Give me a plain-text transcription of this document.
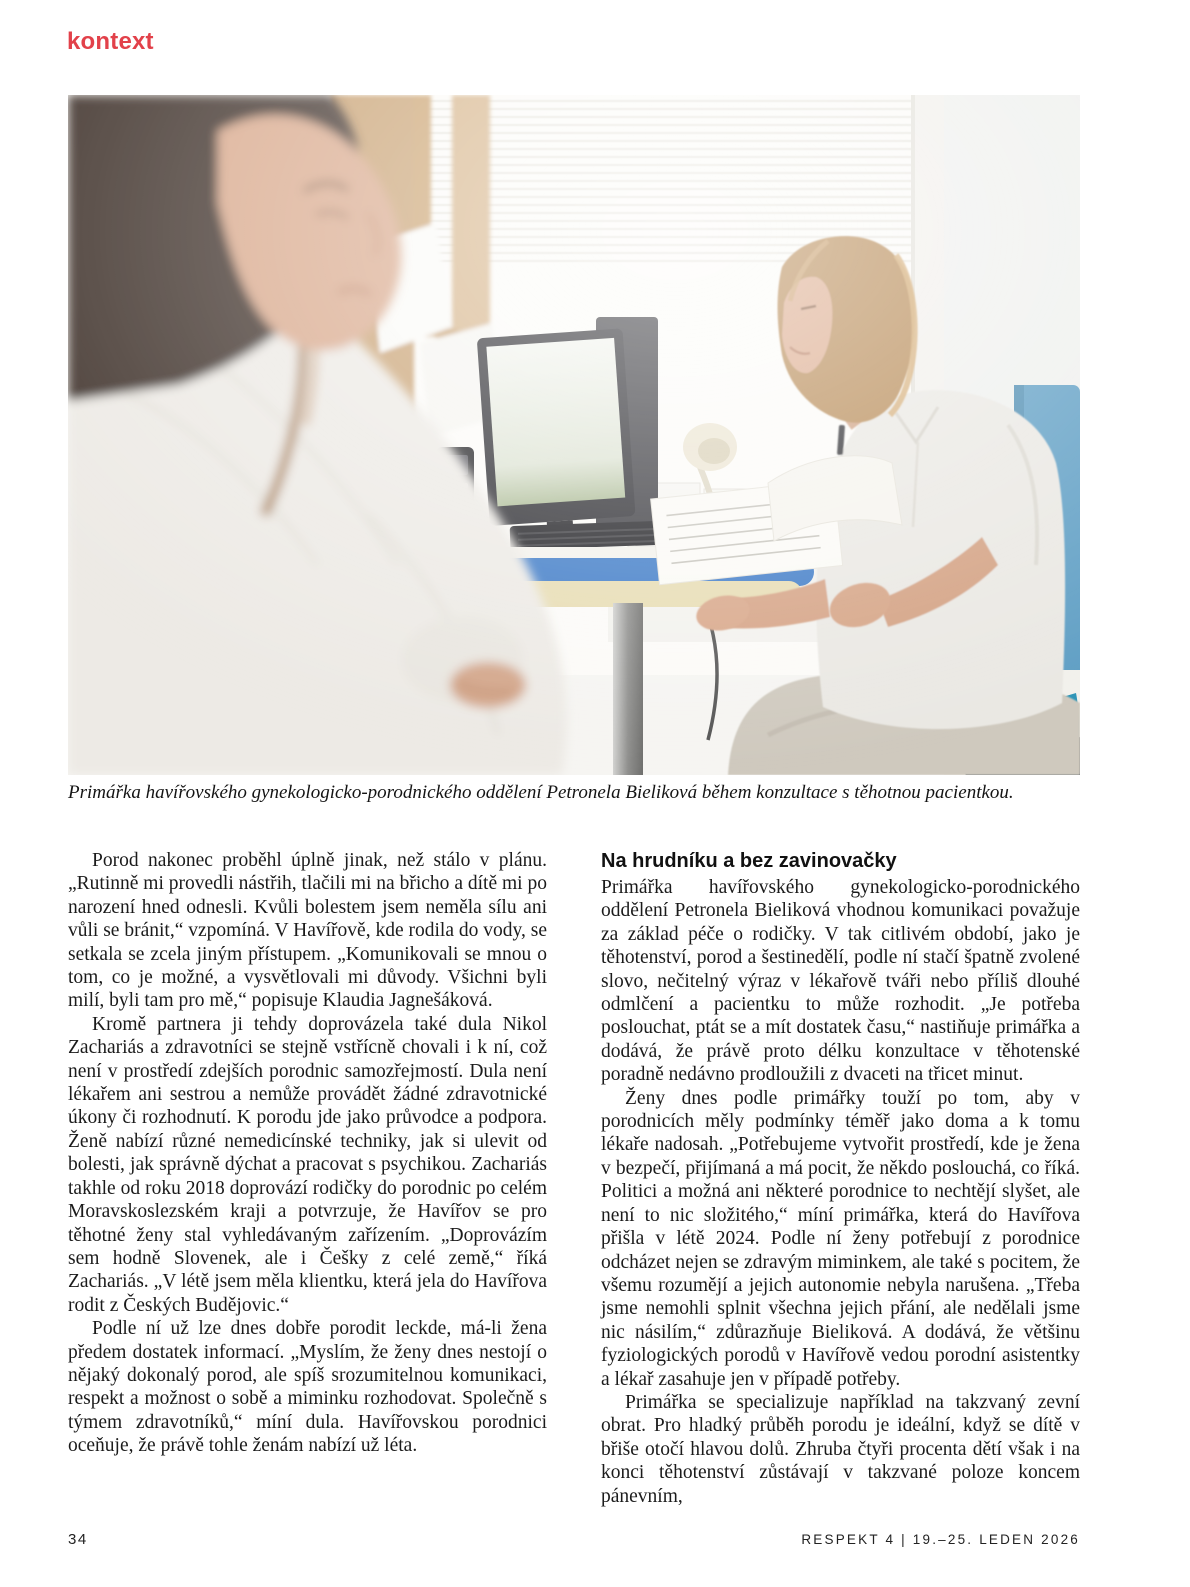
kontext
Primářka havířovského gynekologicko-porodnického oddělení Petronela Bieliková během konzultace s těhotnou pacientkou.

Porod nakonec proběhl úplně jinak, než stálo v plánu. „Rutinně mi provedli nástřih, tlačili mi na břicho a dítě mi po narození hned odnesli. Kvůli bolestem jsem neměla sílu ani vůli se bránit,“ vzpomíná. V Havířově, kde rodila do vody, se setkala se zcela jiným přístupem. „Komunikovali se mnou o tom, co je možné, a vysvětlovali mi důvody. Všichni byli milí, byli tam pro mě,“ popisuje Klaudia Jagnešáková.

Kromě partnera ji tehdy doprovázela také dula Nikol Zachariás a zdravotníci se stejně vstřícně chovali i k ní, což není v prostředí zdejších porodnic samozřejmostí. Dula není lékařem ani sestrou a nemůže provádět žádné zdravotnické úkony či rozhodnutí. K porodu jde jako průvodce a podpora. Ženě nabízí různé nemedicínské techniky, jak si ulevit od bolesti, jak správně dýchat a pracovat s psychikou. Zachariás takhle od roku 2018 doprovází rodičky do porodnic po celém Moravskoslezském kraji a potvrzuje, že Havířov se pro těhotné ženy stal vyhledávaným zařízením. „Doprovázím sem hodně Slovenek, ale i Češky z celé země,“ říká Zachariás. „V létě jsem měla klientku, která jela do Havířova rodit z Českých Budějovic.“

Podle ní už lze dnes dobře porodit leckde, má-li žena předem dostatek informací. „Myslím, že ženy dnes nestojí o nějaký dokonalý porod, ale spíš srozumitelnou komunikaci, respekt a možnost o sobě a miminku rozhodovat. Společně s týmem zdravotníků,“ míní dula. Havířovskou porodnici oceňuje, že právě tohle ženám nabízí už léta.

Na hrudníku a bez zavinovačky

Primářka havířovského gynekologicko-porodnického oddělení Petronela Bieliková vhodnou komunikaci považuje za základ péče o rodičky. V tak citlivém období, jako je těhotenství, porod a šestinedělí, podle ní stačí špatně zvolené slovo, nečitelný výraz v lékařově tváři nebo příliš dlouhé odmlčení a pacientku to může rozhodit. „Je potřeba poslouchat, ptát se a mít dostatek času,“ nastiňuje primářka a dodává, že právě proto délku konzultace v těhotenské poradně nedávno prodloužili z dvaceti na třicet minut.

Ženy dnes podle primářky touží po tom, aby v porodnicích měly podmínky téměř jako doma a k tomu lékaře nadosah. „Potřebujeme vytvořit prostředí, kde je žena v bezpečí, přijímaná a má pocit, že někdo poslouchá, co říká. Politici a možná ani některé porodnice to nechtějí slyšet, ale není to nic složitého,“ míní primářka, která do Havířova přišla v létě 2024. Podle ní ženy potřebují z porodnice odcházet nejen se zdravým miminkem, ale také s pocitem, že všemu rozumějí a jejich autonomie nebyla narušena. „Třeba jsme nemohli splnit všechna jejich přání, ale nedělali jsme nic násilím,“ zdůrazňuje Bieliková. A dodává, že většinu fyziologických porodů v Havířově vedou porodní asistentky a lékař zasahuje jen v případě potřeby.

Primářka se specializuje například na takzvaný zevní obrat. Pro hladký průběh porodu je ideální, když se dítě v břiše otočí hlavou dolů. Zhruba čtyři procenta dětí však i na konci těhotenství zůstávají v takzvané poloze koncem pánevním,

34	RESPEKT 4 | 19.–25. LEDEN 2026
